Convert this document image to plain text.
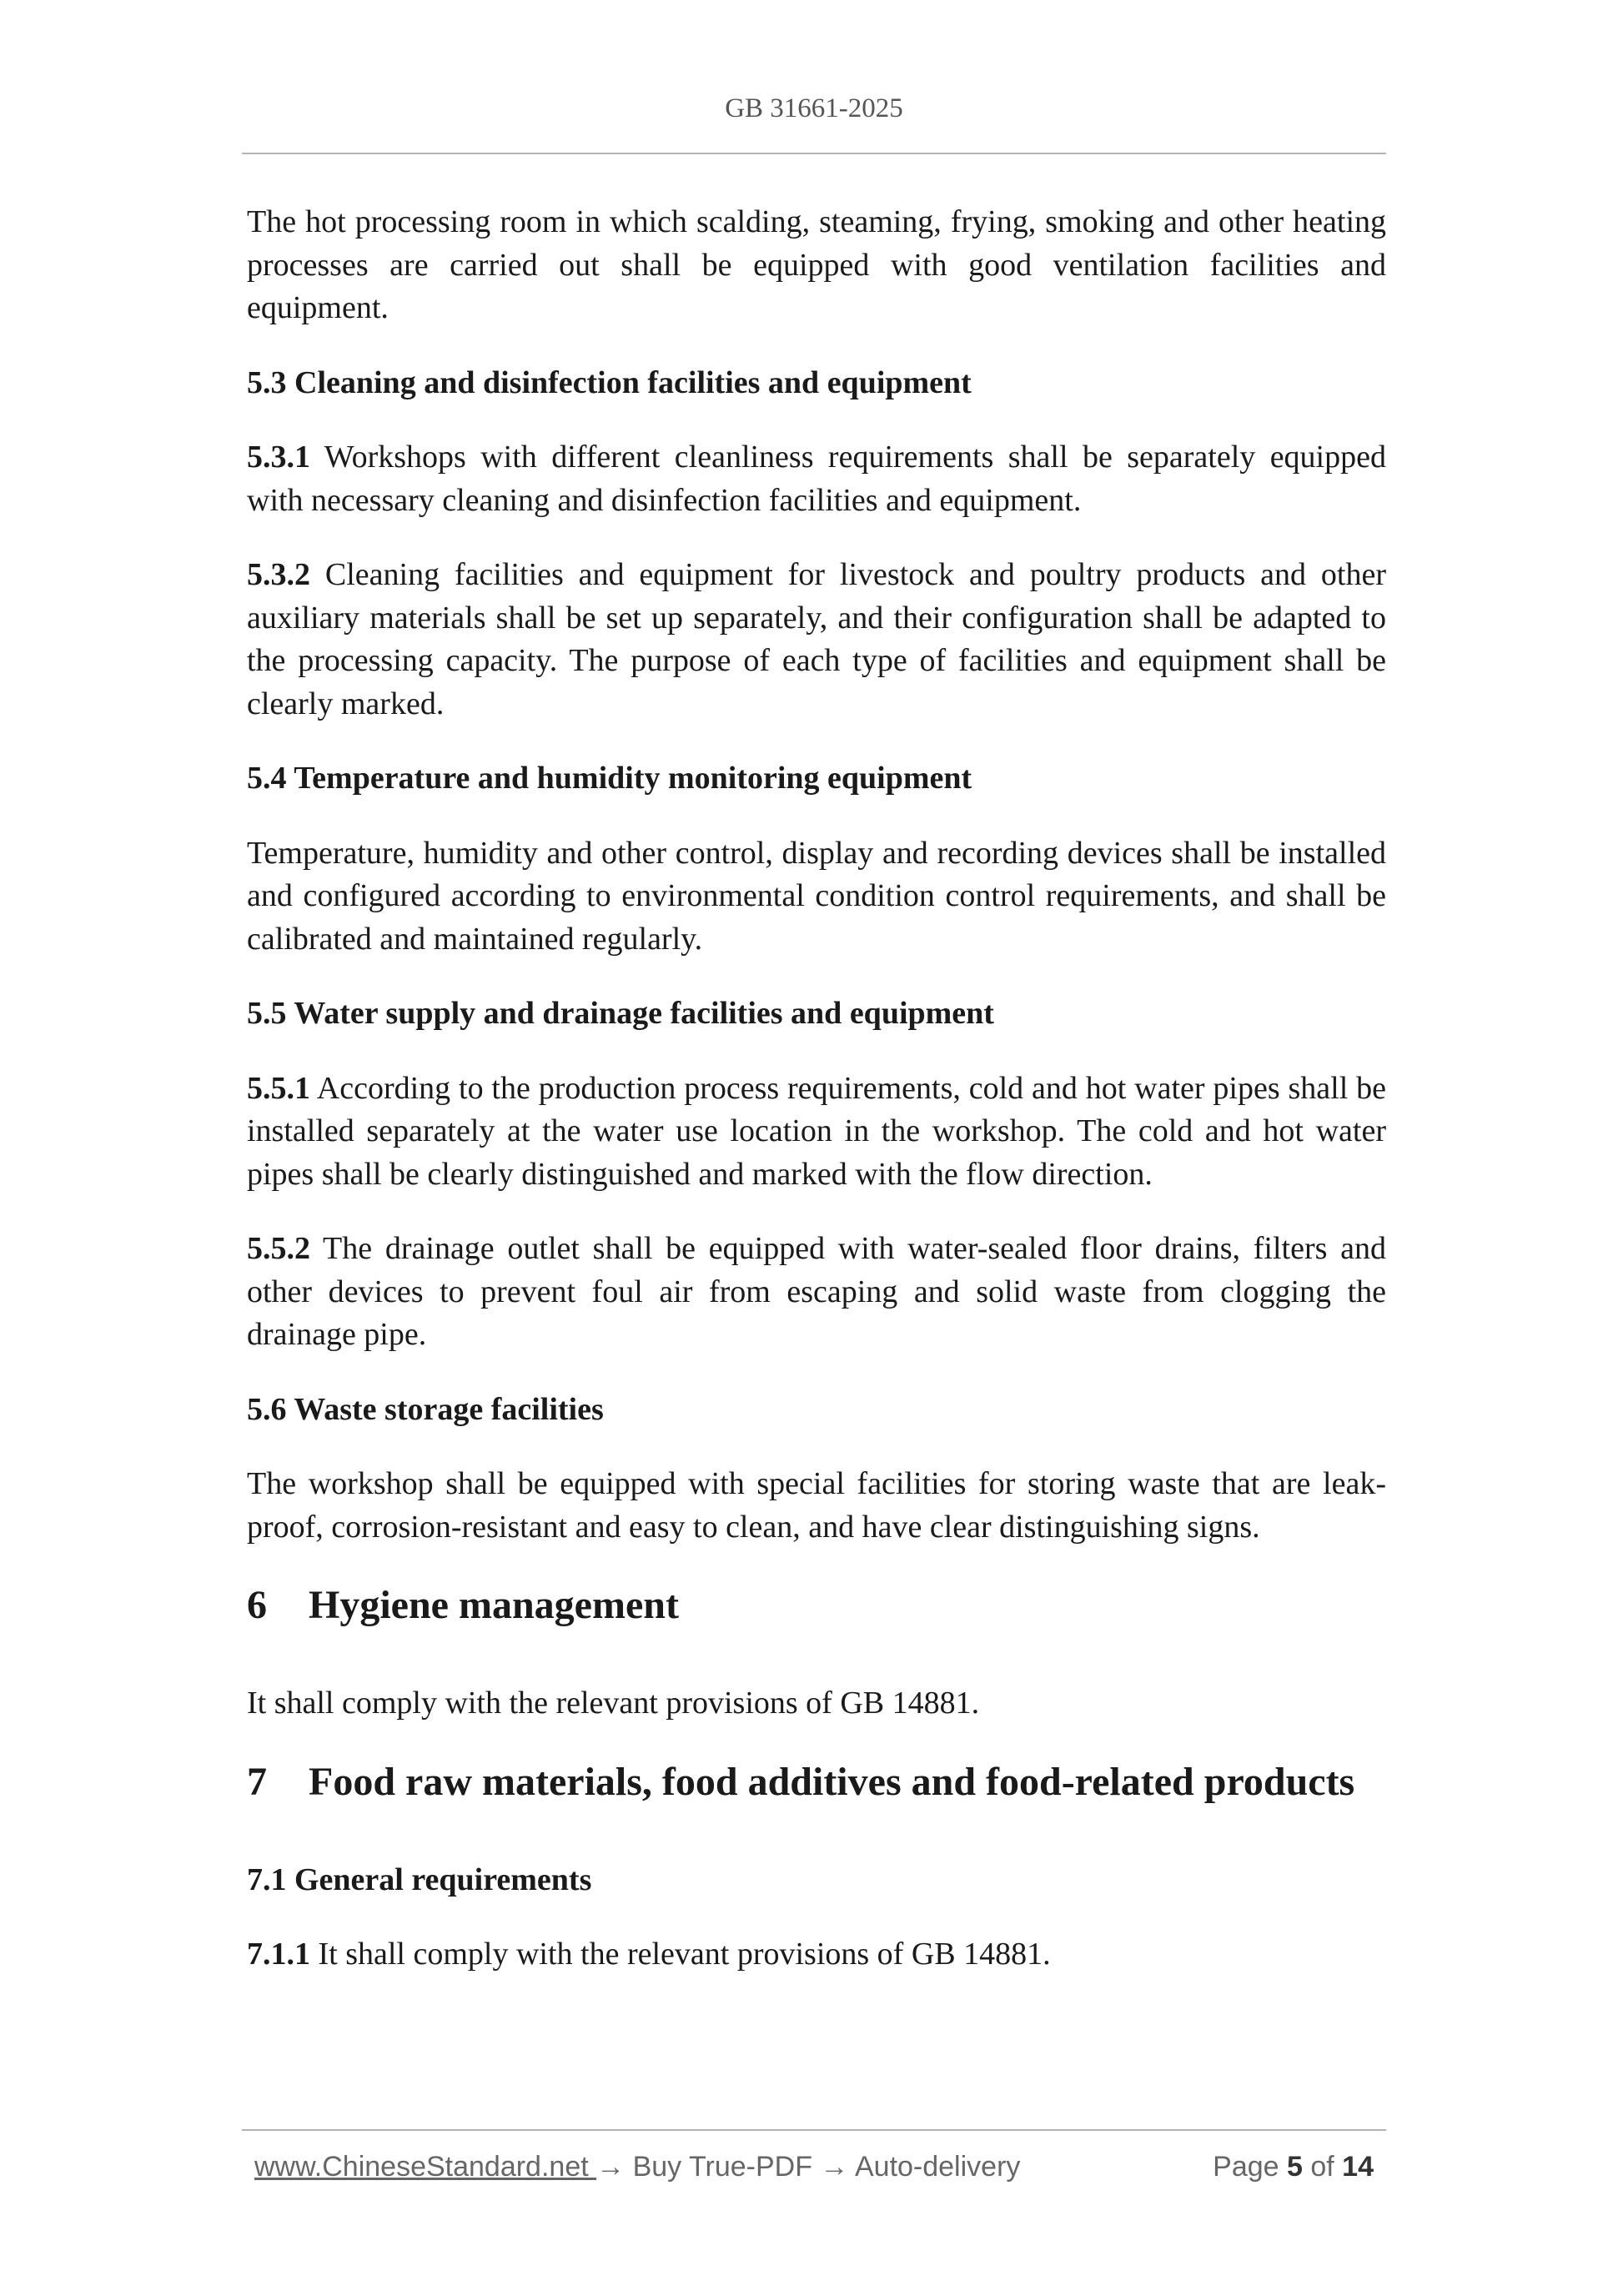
GB 31661-2025

The hot processing room in which scalding, steaming, frying, smoking and other heating processes are carried out shall be equipped with good ventilation facilities and equipment.

5.3 Cleaning and disinfection facilities and equipment

5.3.1 Workshops with different cleanliness requirements shall be separately equipped with necessary cleaning and disinfection facilities and equipment.

5.3.2 Cleaning facilities and equipment for livestock and poultry products and other auxiliary materials shall be set up separately, and their configuration shall be adapted to the processing capacity. The purpose of each type of facilities and equipment shall be clearly marked.

5.4 Temperature and humidity monitoring equipment

Temperature, humidity and other control, display and recording devices shall be installed and configured according to environmental condition control requirements, and shall be calibrated and maintained regularly.

5.5 Water supply and drainage facilities and equipment

5.5.1 According to the production process requirements, cold and hot water pipes shall be installed separately at the water use location in the workshop. The cold and hot water pipes shall be clearly distinguished and marked with the flow direction.

5.5.2 The drainage outlet shall be equipped with water-sealed floor drains, filters and other devices to prevent foul air from escaping and solid waste from clogging the drainage pipe.

5.6 Waste storage facilities

The workshop shall be equipped with special facilities for storing waste that are leak-proof, corrosion-resistant and easy to clean, and have clear distinguishing signs.

6	Hygiene management

It shall comply with the relevant provisions of GB 14881.

7	Food raw materials, food additives and food-related products
7.1 General requirements

7.1.1 It shall comply with the relevant provisions of GB 14881.

www.ChineseStandard.net → Buy True-PDF → Auto-delivery	Page 5 of 14
